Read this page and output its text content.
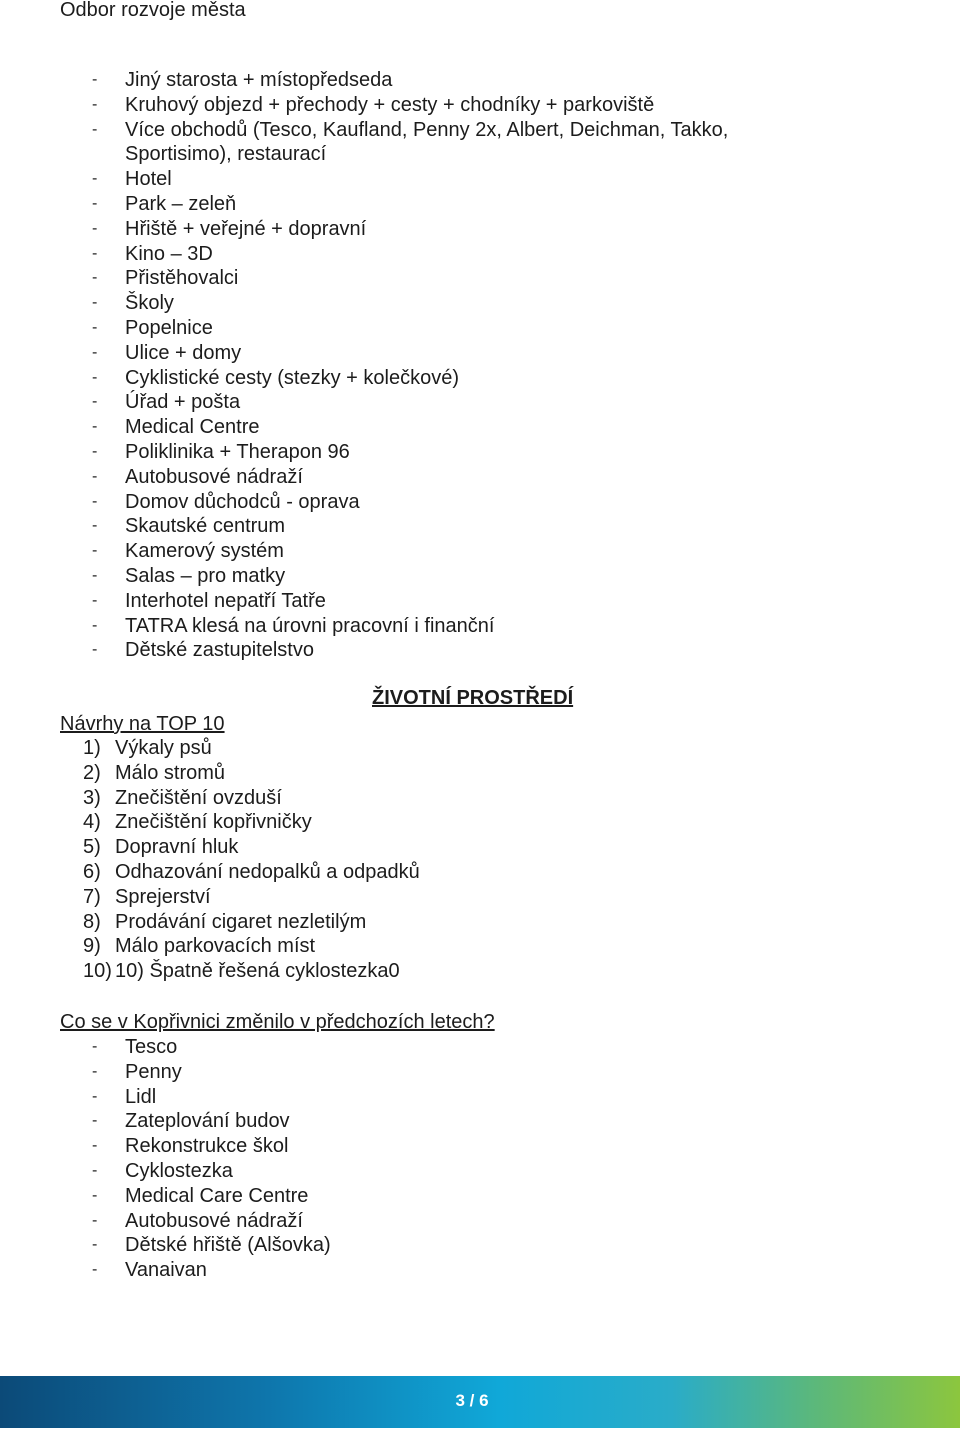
Odbor rozvoje města
- Jiný starosta + místopředseda
- Kruhový objezd + přechody + cesty + chodníky + parkoviště
- Více obchodů (Tesco, Kaufland, Penny 2x, Albert, Deichman, Takko, Sportisimo), restaurací
- Hotel
- Park – zeleň
- Hřiště + veřejné + dopravní
- Kino – 3D
- Přistěhovalci
- Školy
- Popelnice
- Ulice + domy
- Cyklistické cesty (stezky + kolečkové)
- Úřad + pošta
- Medical Centre
- Poliklinika + Therapon 96
- Autobusové nádraží
- Domov důchodců - oprava
- Skautské centrum
- Kamerový systém
- Salas – pro matky
- Interhotel nepatří Tatře
- TATRA klesá na úrovni pracovní i finanční
- Dětské zastupitelstvo
ŽIVOTNÍ PROSTŘEDÍ
Návrhy na TOP 10
1) Výkaly psů
2) Málo stromů
3) Znečištění ovzduší
4) Znečištění kopřivničky
5) Dopravní hluk
6) Odhazování nedopalků a odpadků
7) Sprejerství
8) Prodávání cigaret nezletilým
9) Málo parkovacích míst
10) 10) Špatně řešená cyklostezka0
Co se v Kopřivnici změnilo v předchozích letech?
- Tesco
- Penny
- Lidl
- Zateplování budov
- Rekonstrukce škol
- Cyklostezka
- Medical Care Centre
- Autobusové nádraží
- Dětské hřiště (Alšovka)
- Vanaivan
3 / 6
